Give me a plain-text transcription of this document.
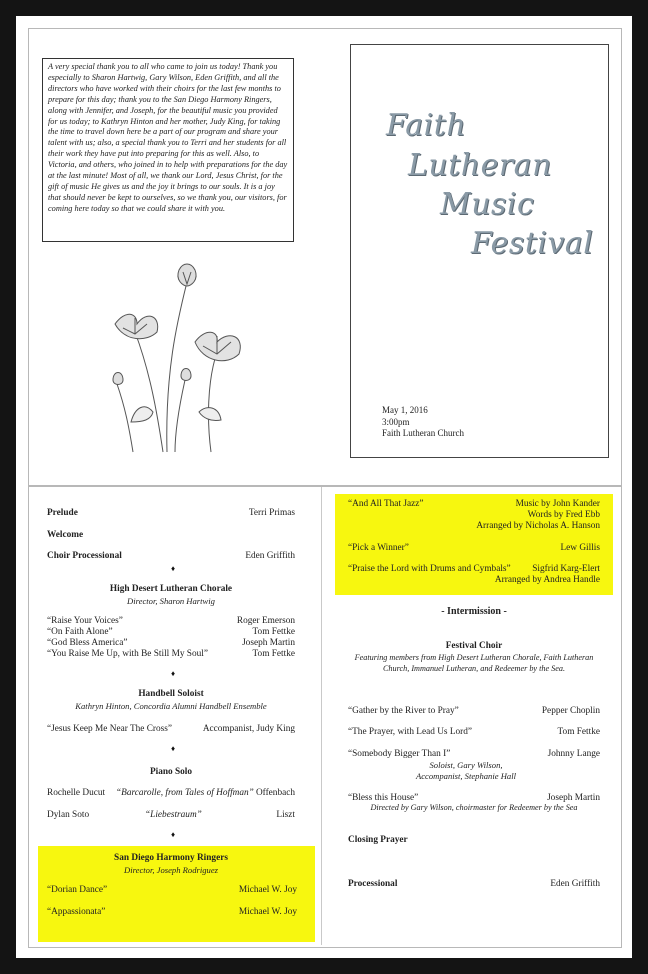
A very special thank you to all who came to join us today! Thank you especially to Sharon Hartwig, Gary Wilson, Eden Griffith, and all the directors who have worked with their choirs for the last few months to prepare for this day; thank you to the San Diego Harmony Ringers, along with Jennifer, and Joseph, for the beautiful music you provided for us today; to Kathryn Hinton and her mother, Judy King, for taking the time to travel down here be a part of our program and share your talent with us; also, a special thank you to Terri and her students for all their work they have put into preparing for this as well. Also, to Victoria, and others, who joined in to help with preparations for the day at the last minute! Most of all, we thank our Lord, Jesus Christ, for the gift of music He gives us and the joy it brings to our souls. It is a joy that should never be kept to ourselves, so we thank you, our visitors, for coming here today so that we could share it with you.
Faith
Lutheran
Music
Festival
May 1, 2016
3:00pm
Faith Lutheran Church
Prelude	Terri Primas
Welcome
Choir Processional	Eden Griffith
♦
High Desert Lutheran Chorale
Director, Sharon Hartwig
“Raise Your Voices”	Roger Emerson
“On Faith Alone”	Tom Fettke
“God Bless America”	Joseph Martin
“You Raise Me Up, with Be Still My Soul”	Tom Fettke
♦
Handbell Soloist
Kathryn Hinton, Concordia Alumni Handbell Ensemble
“Jesus Keep Me Near The Cross”	Accompanist, Judy King
♦
Piano Solo
Rochelle Ducut “Barcarolle, from Tales of Hoffman” Offenbach
Dylan Soto	“Liebestraum”	Liszt
♦
San Diego Harmony Ringers
Director, Joseph Rodriguez
“Dorian Dance”	Michael W. Joy
“Appassionata”	Michael W. Joy
“And All That Jazz”	Music by John Kander
Words by Fred Ebb
Arranged by Nicholas A. Hanson
“Pick a Winner”	Lew Gillis
“Praise the Lord with Drums and Cymbals”	Sigfrid Karg-Elert
Arranged by Andrea Handle
- Intermission -
Festival Choir
Featuring members from High Desert Lutheran Chorale, Faith Lutheran
Church, Immanuel Lutheran, and Redeemer by the Sea.
“Gather by the River to Pray”	Pepper Choplin
“The Prayer, with Lead Us Lord”	Tom Fettke
“Somebody Bigger Than I”	Johnny Lange
Soloist, Gary Wilson,
Accompanist, Stephanie Hall
“Bless this House”	Joseph Martin
Directed by Gary Wilson, choirmaster for Redeemer by the Sea
Closing Prayer
Processional	Eden Griffith
